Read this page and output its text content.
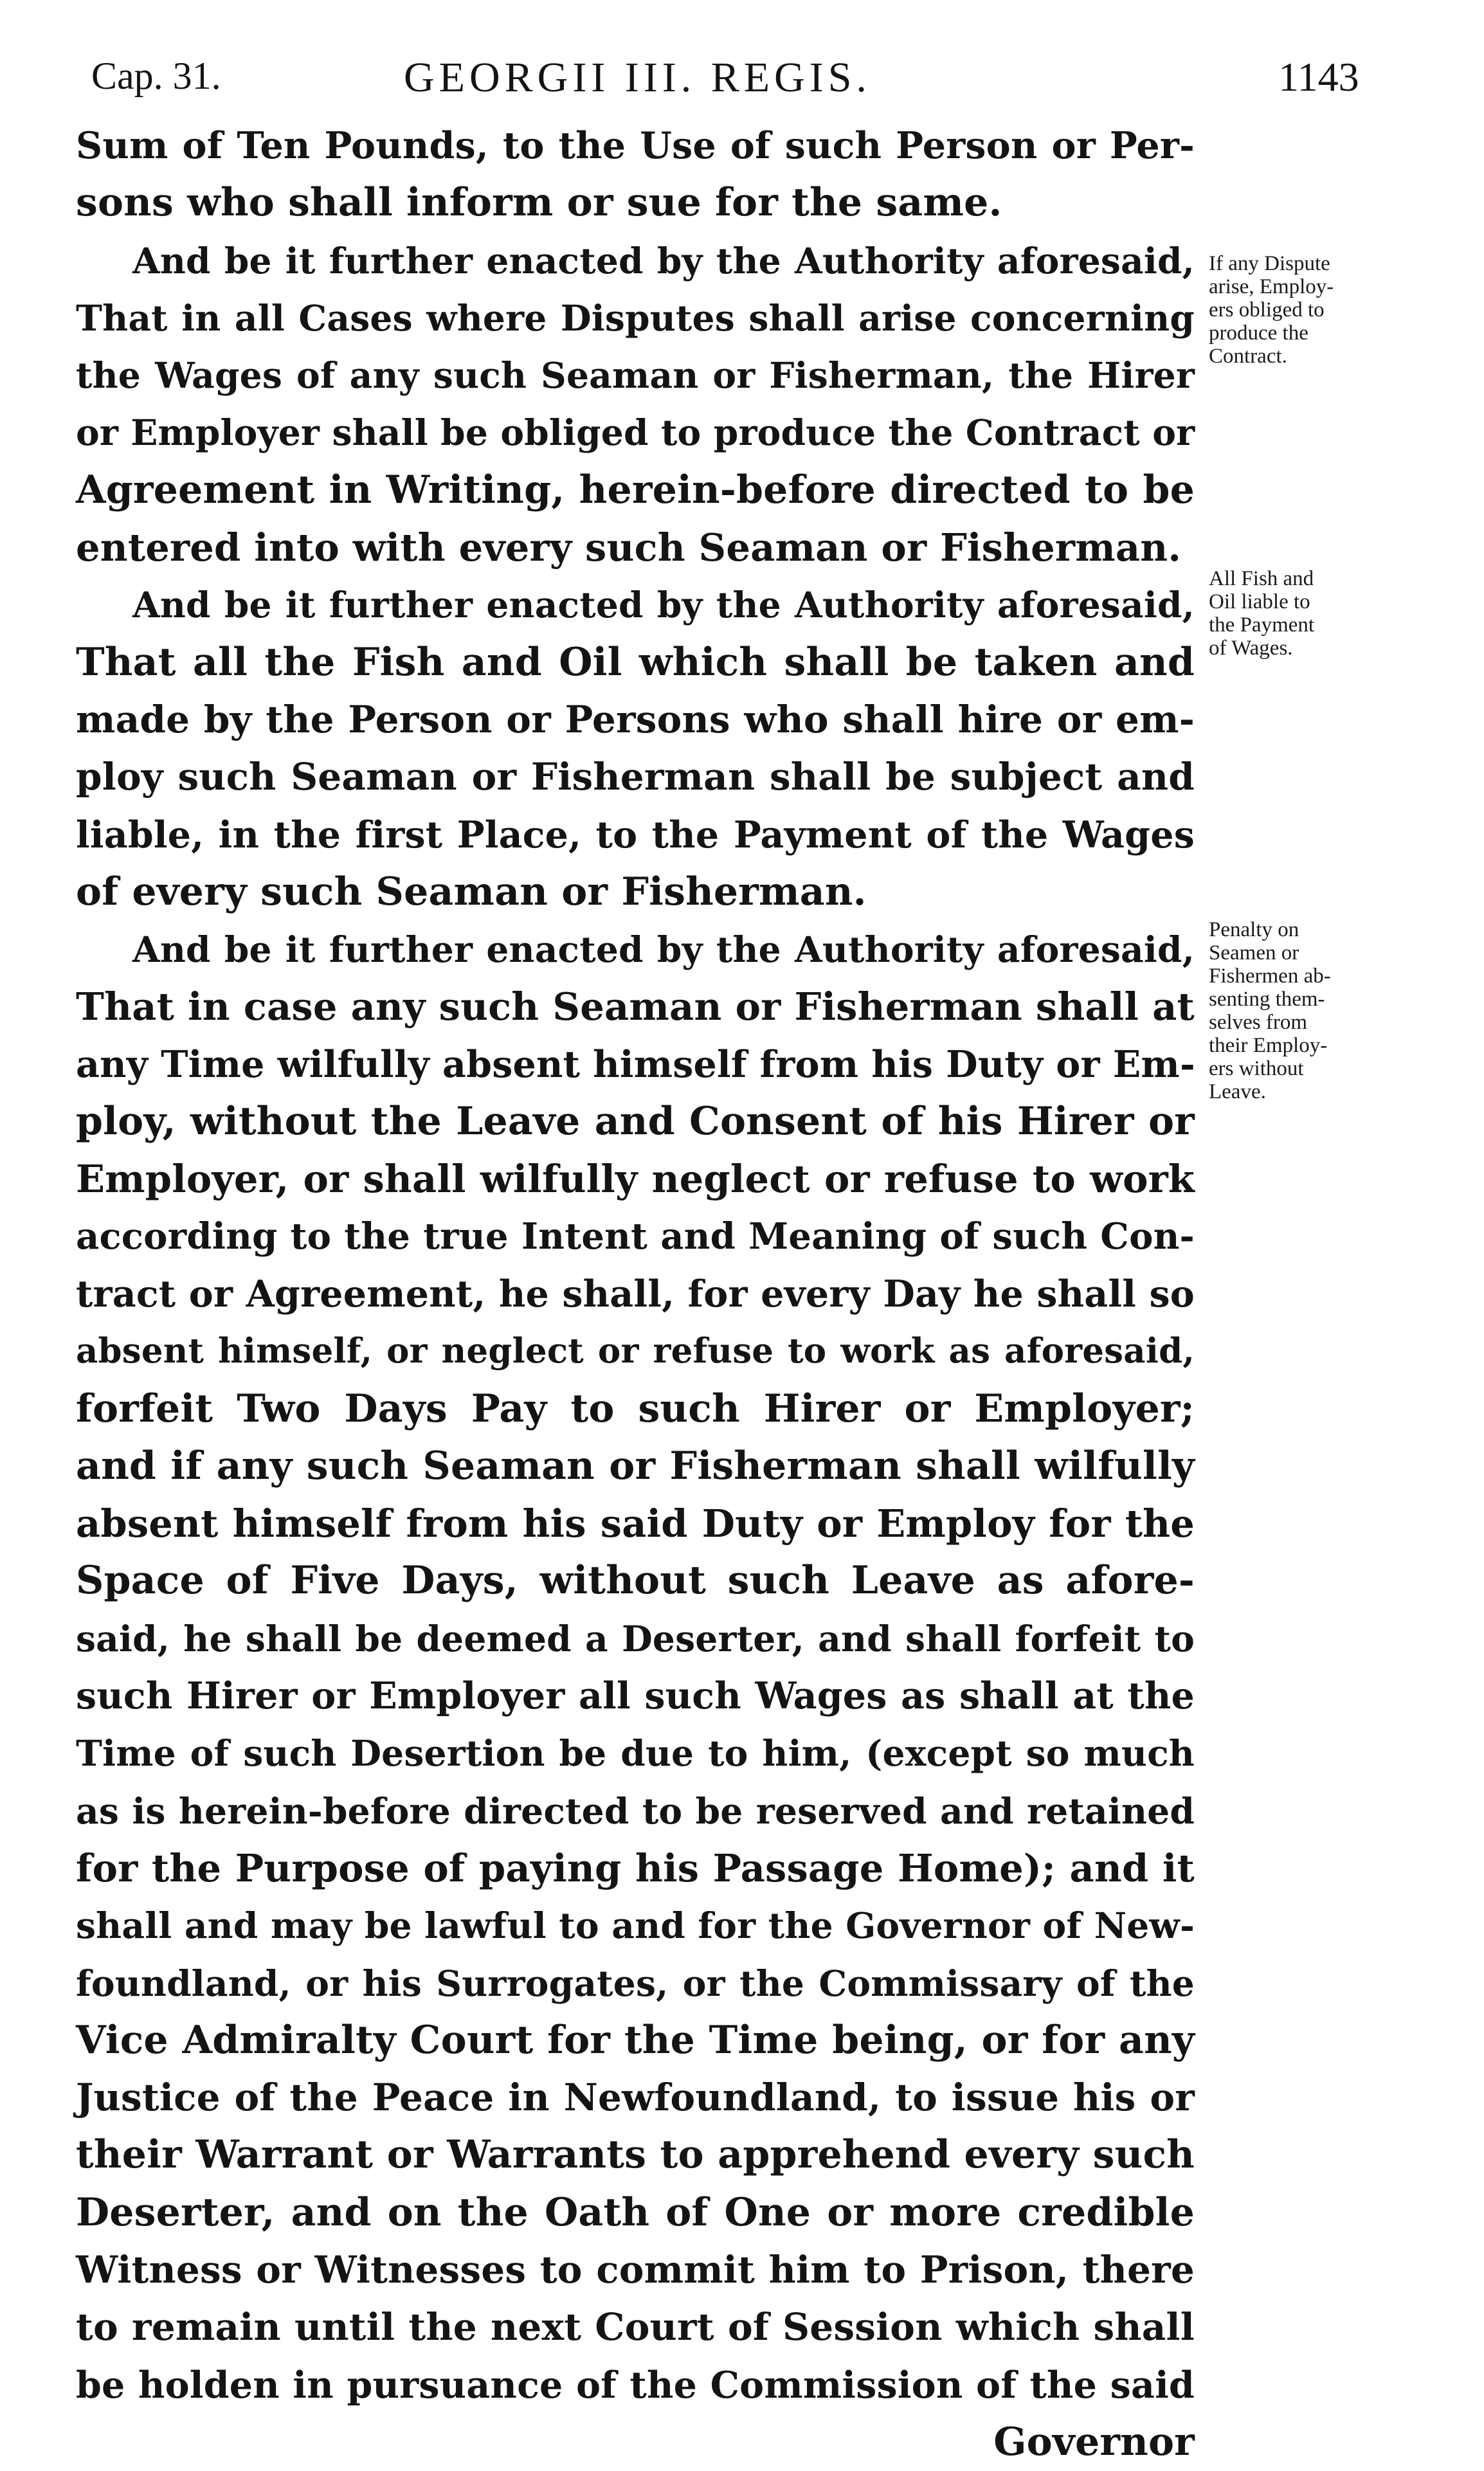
Cap. 31.	GEORGII III. REGIS.	1143
Sum of Ten Pounds, to the Use of such Person or Per-
sons who shall inform or sue for the same.
And be it further enacted by the Authority aforesaid,
That in all Cases where Disputes shall arise concerning
the Wages of any such Seaman or Fisherman, the Hirer
or Employer shall be obliged to produce the Contract or
Agreement in Writing, herein-before directed to be
entered into with every such Seaman or Fisherman.
And be it further enacted by the Authority aforesaid,
That all the Fish and Oil which shall be taken and
made by the Person or Persons who shall hire or em-
ploy such Seaman or Fisherman shall be subject and
liable, in the first Place, to the Payment of the Wages
of every such Seaman or Fisherman.
And be it further enacted by the Authority aforesaid,
That in case any such Seaman or Fisherman shall at
any Time wilfully absent himself from his Duty or Em-
ploy, without the Leave and Consent of his Hirer or
Employer, or shall wilfully neglect or refuse to work
according to the true Intent and Meaning of such Con-
tract or Agreement, he shall, for every Day he shall so
absent himself, or neglect or refuse to work as aforesaid,
forfeit Two Days Pay to such Hirer or Employer;
and if any such Seaman or Fisherman shall wilfully
absent himself from his said Duty or Employ for the
Space of Five Days, without such Leave as afore-
said, he shall be deemed a Deserter, and shall forfeit to
such Hirer or Employer all such Wages as shall at the
Time of such Desertion be due to him, (except so much
as is herein-before directed to be reserved and retained
for the Purpose of paying his Passage Home); and it
shall and may be lawful to and for the Governor of New-
foundland, or his Surrogates, or the Commissary of the
Vice Admiralty Court for the Time being, or for any
Justice of the Peace in Newfoundland, to issue his or
their Warrant or Warrants to apprehend every such
Deserter, and on the Oath of One or more credible
Witness or Witnesses to commit him to Prison, there
to remain until the next Court of Session which shall
be holden in pursuance of the Commission of the said
Governor
If any Dispute
arise, Employ-
ers obliged to
produce the
Contract.
All Fish and
Oil liable to
the Payment
of Wages.
Penalty on
Seamen or
Fishermen ab-
senting them-
selves from
their Employ-
ers without
Leave.
